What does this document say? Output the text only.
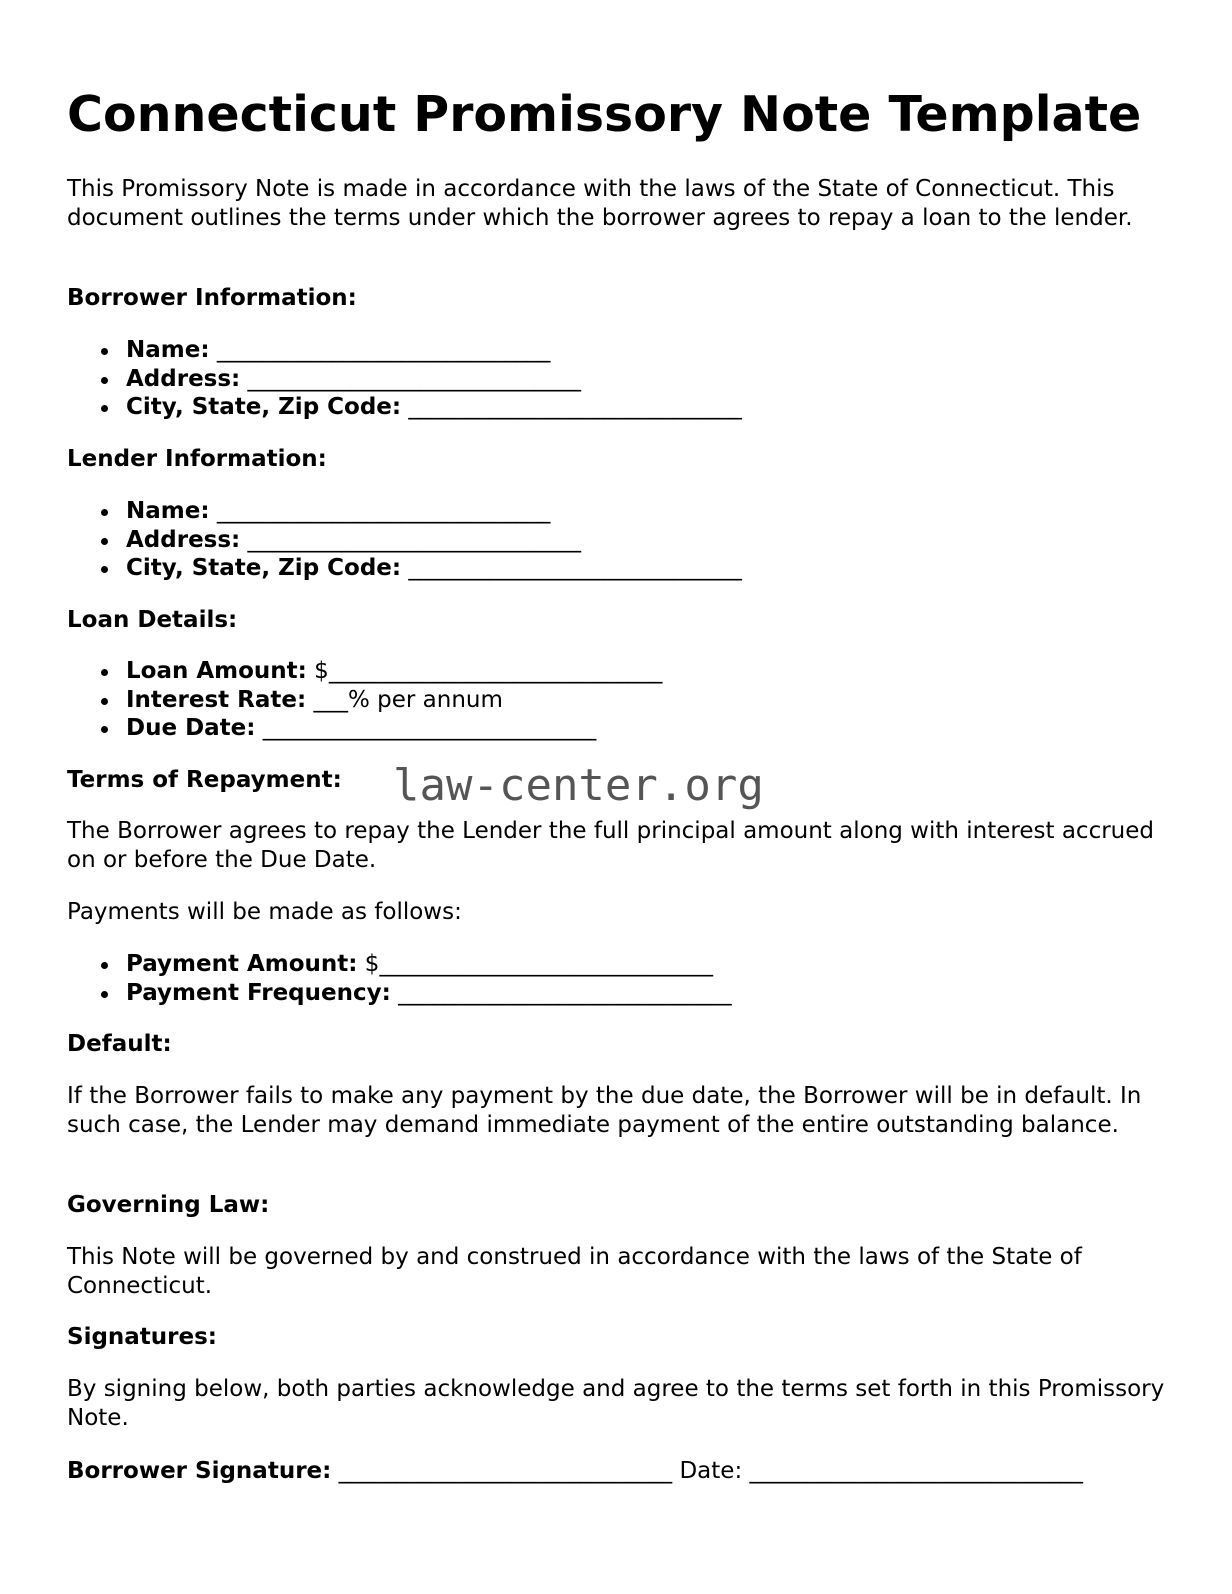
Connecticut Promissory Note Template

This Promissory Note is made in accordance with the laws of the State of Connecticut. This document outlines the terms under which the borrower agrees to repay a loan to the lender.

Borrower Information:

Name: _____________________________
Address: _____________________________
City, State, Zip Code: _____________________________

Lender Information:

Name: _____________________________
Address: _____________________________
City, State, Zip Code: _____________________________

Loan Details:

Loan Amount: $_____________________________
Interest Rate: ___% per annum
Due Date: _____________________________

Terms of Repayment:

The Borrower agrees to repay the Lender the full principal amount along with interest accrued on or before the Due Date.

Payments will be made as follows:

Payment Amount: $_____________________________
Payment Frequency: _____________________________

Default:

If the Borrower fails to make any payment by the due date, the Borrower will be in default. In such case, the Lender may demand immediate payment of the entire outstanding balance.

Governing Law:

This Note will be governed by and construed in accordance with the laws of the State of Connecticut.

Signatures:

By signing below, both parties acknowledge and agree to the terms set forth in this Promissory Note.

Borrower Signature: _____________________________ Date: _____________________________
law-center.org
